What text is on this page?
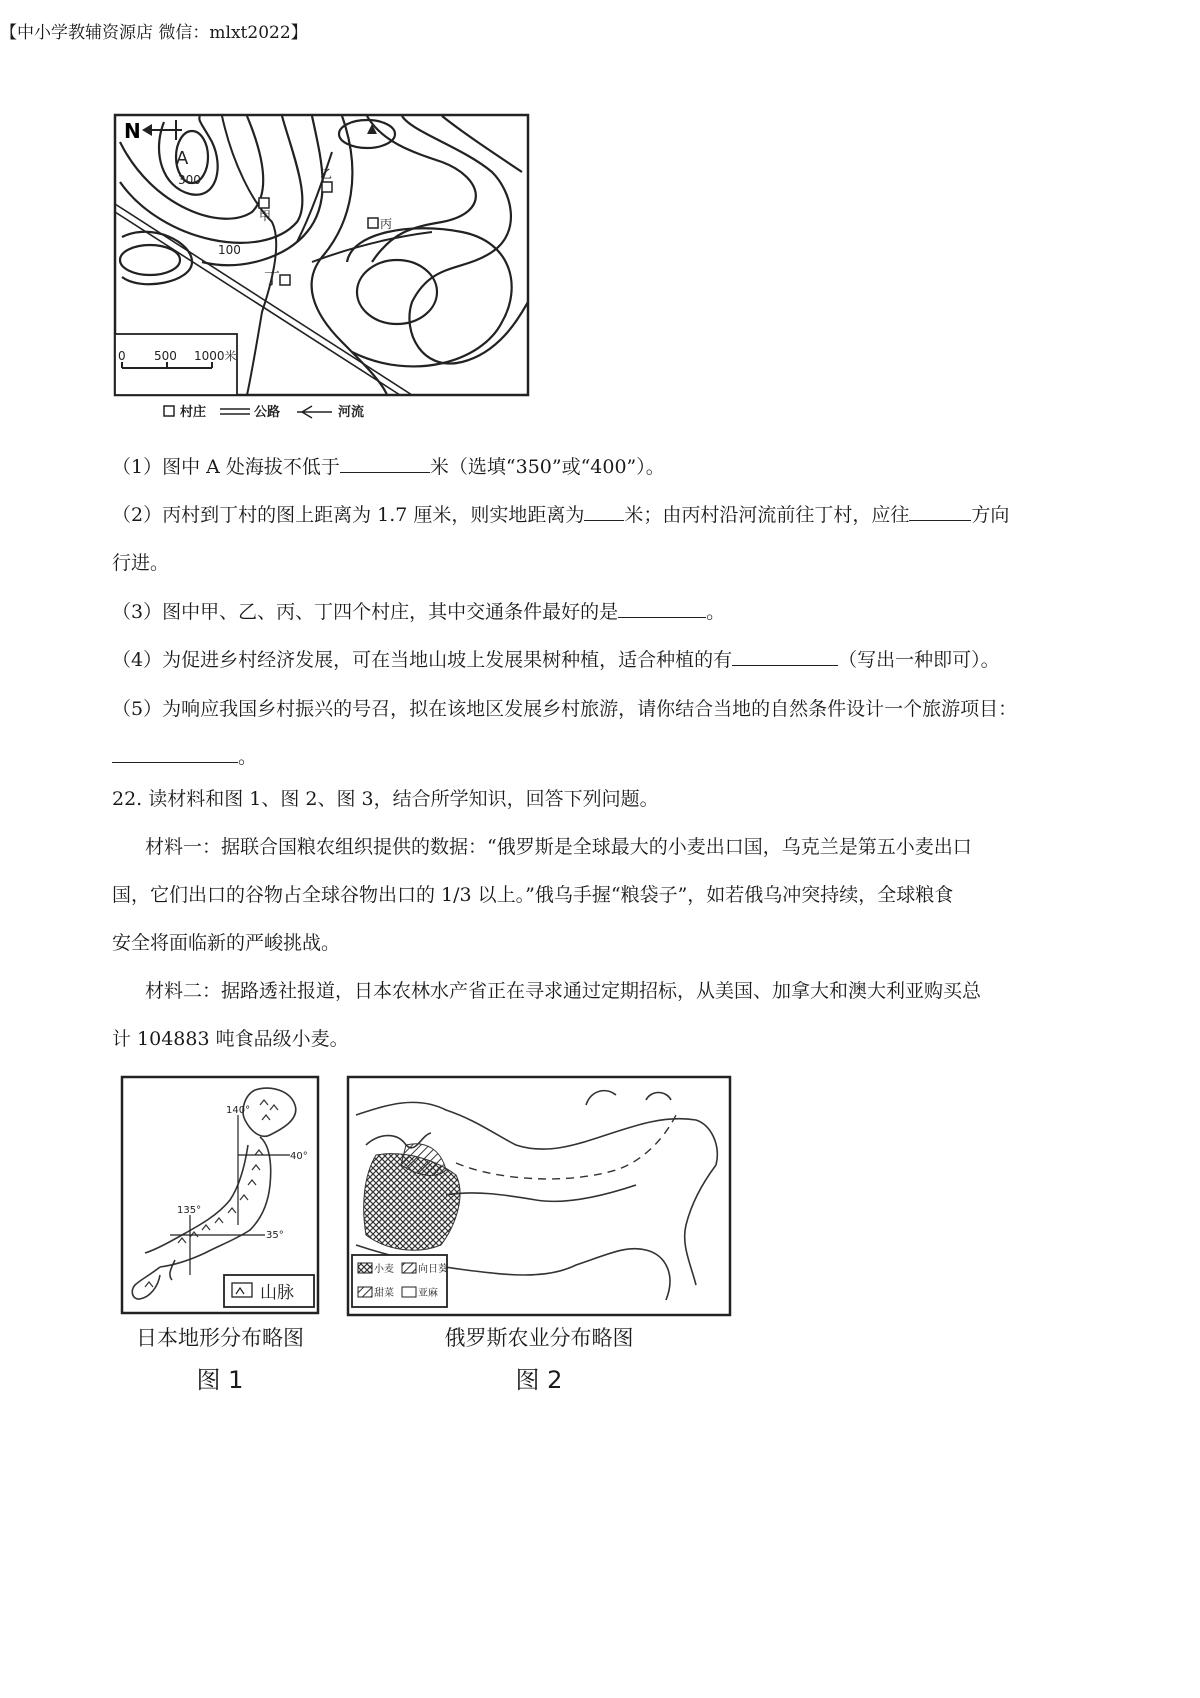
【中小学教辅资源店 微信：mlxt2022】
N
A
300
100
甲
乙
丙
丁
0 500 1000米
村庄	公路	河流
（1）图中 A 处海拔不低于	米（选填“350”或“400”）。
（2）丙村到丁村的图上距离为 1.7 厘米，则实地距离为 米；由丙村沿河流前往丁村，应往	方向
行进。
（3）图中甲、乙、丙、丁四个村庄，其中交通条件最好的是	。
（4）为促进乡村经济发展，可在当地山坡上发展果树种植，适合种植的有	（写出一种即可）。
（5）为响应我国乡村振兴的号召，拟在该地区发展乡村旅游，请你结合当地的自然条件设计一个旅游项目：
。
22. 读材料和图 1、图 2、图 3，结合所学知识，回答下列问题。
材料一：据联合国粮农组织提供的数据：“俄罗斯是全球最大的小麦出口国，乌克兰是第五小麦出口
国，它们出口的谷物占全球谷物出口的 1/3 以上。”俄乌手握“粮袋子”，如若俄乌冲突持续，全球粮食
安全将面临新的严峻挑战。
材料二：据路透社报道，日本农林水产省正在寻求通过定期招标，从美国、加拿大和澳大利亚购买总
计 104883 吨食品级小麦。
140°
40°
135°
35°
山脉
日本地形分布略图
图 1
小麦
甜菜
向日葵
亚麻
俄罗斯农业分布略图
图 2
